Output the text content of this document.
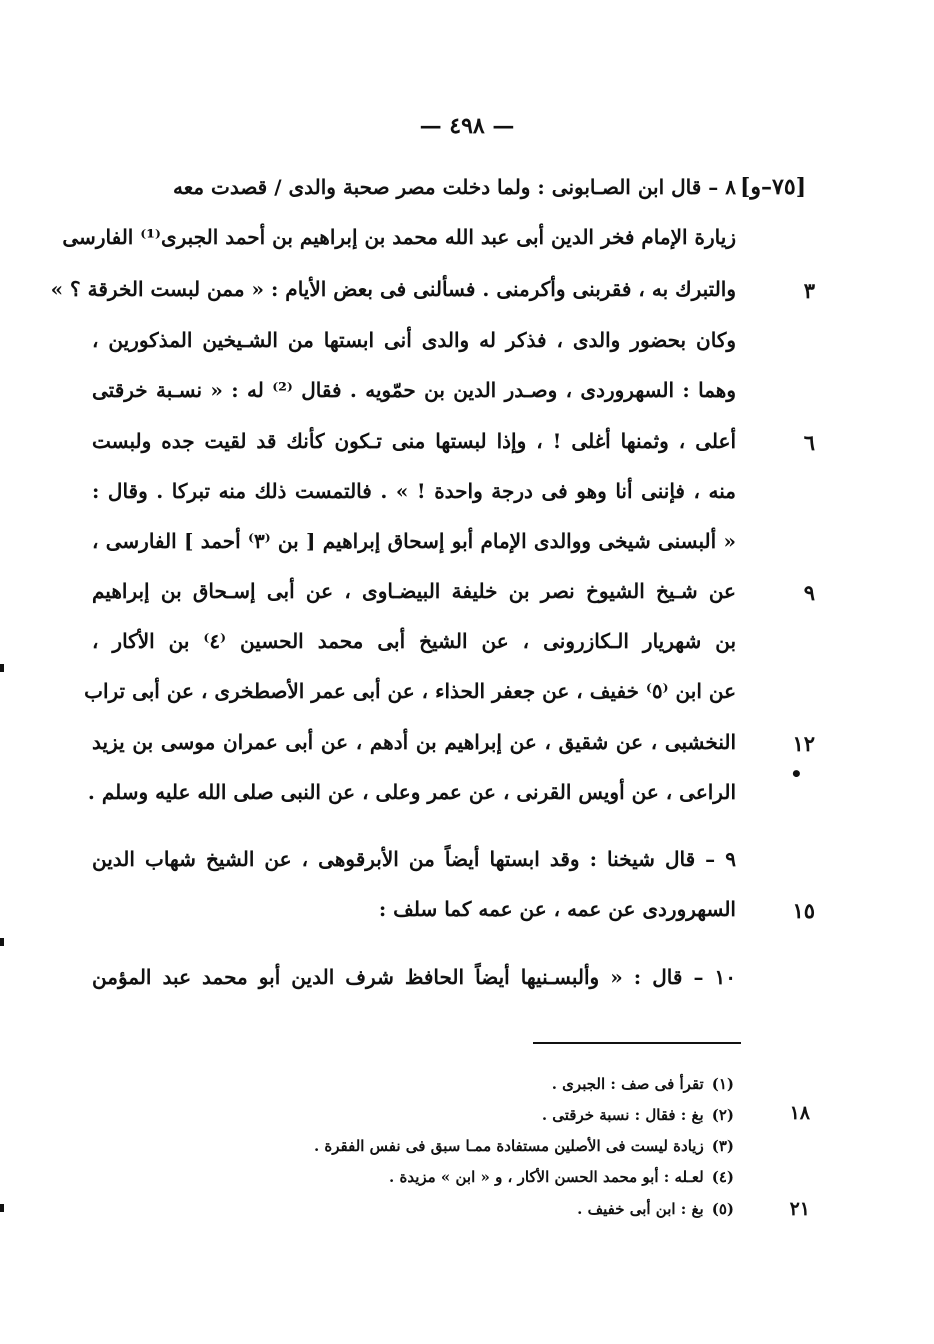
— ٤٩٨ —
[٧٥–و]
٨ – قال ابن الصـابونى : ولما دخلت مصر صحبة والدى / قصدت معه
زيارة الإمام فخر الدين أبى عبد الله محمد بن إبراهيم بن أحمد الجبرى⁽¹⁾ الفارسى
والتبرك به ، فقربنى وأكرمنى . فسألنى فى بعض الأيام : « ممن لبست الخرقة ؟ »
وكان بحضور والدى ، فذكر له والدى أنى ابستها من الشـيخين المذكورين ،
وهما : السهروردى ، وصـدر الدين بن حمّويه . فقال ⁽²⁾ له : « نسـبة خرقتى
أعلى ، وثمنها أغلى ! ، وإذا لبستها منى تـكون كأنك قد لقيت جده ولبست
منه ، فإننى أنا وهو فى درجة واحدة ! » . فالتمست ذلك منه تبركا . وقال :
« ألبسنى شيخى ووالدى الإمام أبو إسحاق إبراهيم [ بن ⁽٣⁾ أحمد ] الفارسى ،
عن شـيخ الشيوخ نصر بن خليفة البيضـاوى ، عن أبى إسـحاق بن إبراهيم
بن شهريار الـكازرونى ، عن الشيخ أبى محمد الحسين ⁽٤⁾ بن الأكار ،
عن ابن ⁽٥⁾ خفيف ، عن جعفر الحذاء ، عن أبى عمر الأصطخرى ، عن أبى تراب
النخشبى ، عن شقيق ، عن إبراهيم بن أدهم ، عن أبى عمران موسى بن يزيد
الراعى ، عن أويس القرنى ، عن عمر وعلى ، عن النبى صلى الله عليه وسلم .
٩ – قال شيخنا : وقد ابستها أيضاً من الأبرقوهى ، عن الشيخ شهاب الدين
السهروردى عن عمه ، عن عمه كما سلف :
١٠ – قال : « وألبسـنيها أيضاً الحافظ شرف الدين أبو محمد عبد المؤمن
٣
٦
٩
١٢
١٥
•
(١)تقرأ فى صف : الجبرى .
(٢)بغ : فقال : نسبة خرقتى .
(٣)زيادة ليست فى الأصلين مستفادة ممـا سبق فى نفس الفقرة .
(٤)لعـله : أبو محمد الحسن الأكار ، و « ابن » مزيدة .
(٥)بغ : ابن أبى خفيف .
١٨
٢١
